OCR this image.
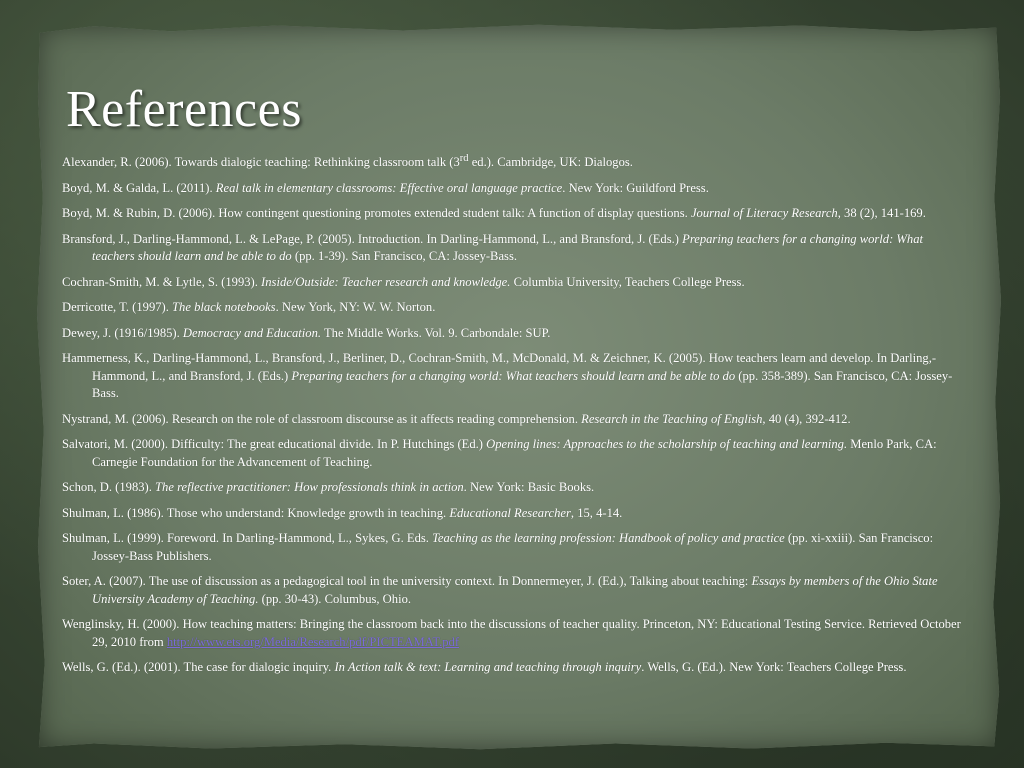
References
Alexander, R. (2006). Towards dialogic teaching: Rethinking classroom talk (3rd ed.). Cambridge, UK: Dialogos.
Boyd, M. & Galda, L. (2011). Real talk in elementary classrooms: Effective oral language practice. New York: Guildford Press.
Boyd, M. & Rubin, D. (2006). How contingent questioning promotes extended student talk: A function of display questions. Journal of Literacy Research, 38 (2), 141-169.
Bransford, J., Darling-Hammond, L. & LePage, P. (2005). Introduction. In Darling-Hammond, L., and Bransford, J. (Eds.) Preparing teachers for a changing world: What teachers should learn and be able to do (pp. 1-39). San Francisco, CA: Jossey-Bass.
Cochran-Smith, M. & Lytle, S. (1993). Inside/Outside: Teacher research and knowledge. Columbia University, Teachers College Press.
Derricotte, T. (1997). The black notebooks. New York, NY: W. W. Norton.
Dewey, J. (1916/1985). Democracy and Education. The Middle Works. Vol. 9. Carbondale: SUP.
Hammerness, K., Darling-Hammond, L., Bransford, J., Berliner, D., Cochran-Smith, M., McDonald, M. & Zeichner, K. (2005). How teachers learn and develop. In Darling,-Hammond, L., and Bransford, J. (Eds.) Preparing teachers for a changing world: What teachers should learn and be able to do (pp. 358-389). San Francisco, CA: Jossey-Bass.
Nystrand, M. (2006). Research on the role of classroom discourse as it affects reading comprehension. Research in the Teaching of English, 40 (4), 392-412.
Salvatori, M. (2000). Difficulty: The great educational divide. In P. Hutchings (Ed.) Opening lines: Approaches to the scholarship of teaching and learning. Menlo Park, CA: Carnegie Foundation for the Advancement of Teaching.
Schon, D. (1983). The reflective practitioner: How professionals think in action. New York: Basic Books.
Shulman, L. (1986). Those who understand: Knowledge growth in teaching. Educational Researcher, 15, 4-14.
Shulman, L. (1999). Foreword. In Darling-Hammond, L., Sykes, G. Eds. Teaching as the learning profession: Handbook of policy and practice (pp. xi-xxiii). San Francisco: Jossey-Bass Publishers.
Soter, A. (2007). The use of discussion as a pedagogical tool in the university context. In Donnermeyer, J. (Ed.), Talking about teaching: Essays by members of the Ohio State University Academy of Teaching. (pp. 30-43). Columbus, Ohio.
Wenglinsky, H. (2000). How teaching matters: Bringing the classroom back into the discussions of teacher quality. Princeton, NY: Educational Testing Service. Retrieved October 29, 2010 from http://www.ets.org/Media/Research/pdf/PICTEAMAT.pdf
Wells, G. (Ed.). (2001). The case for dialogic inquiry. In Action talk & text: Learning and teaching through inquiry. Wells, G. (Ed.). New York: Teachers College Press.
